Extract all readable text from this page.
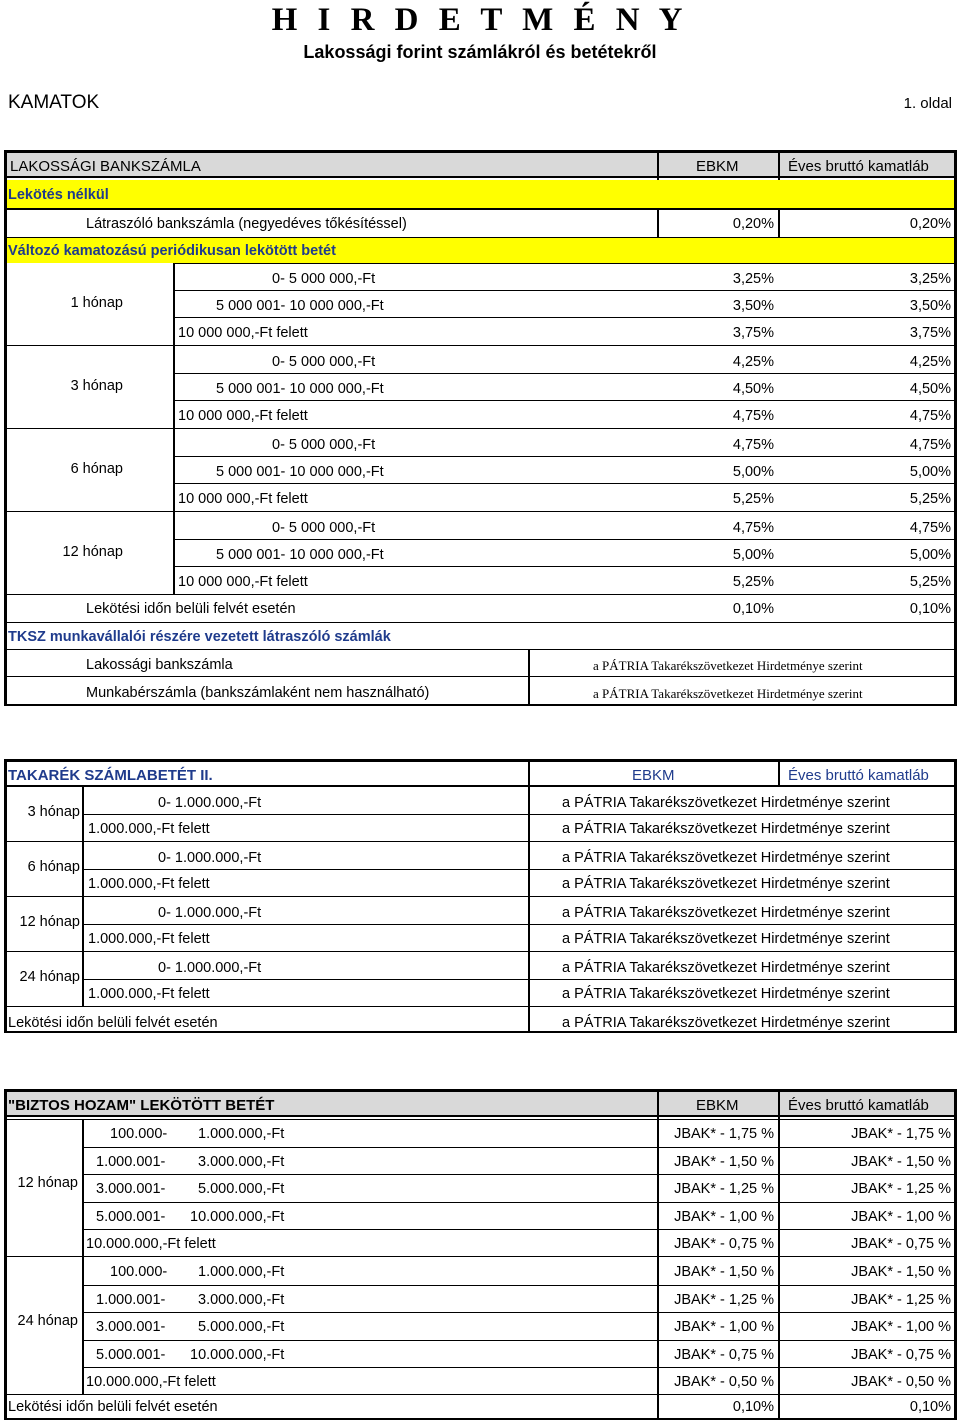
H I R D E T M É N Y
Lakossági forint számlákról és betétekről
KAMATOK	1. oldal
LAKOSSÁGI BANKSZÁMLA	EBKM	Éves bruttó kamatláb
Lekötés nélkül
Látraszóló bankszámla (negyedéves tőkésítéssel)	0,20%	0,20%
Változó kamatozású periódikusan lekötött betét
1 hónap
0- 5 000 000,-Ft	3,25%	3,25%
5 000 001- 10 000 000,-Ft	3,50%	3,50%
10 000 000,-Ft felett	3,75%	3,75%
3 hónap
0- 5 000 000,-Ft	4,25%	4,25%
5 000 001- 10 000 000,-Ft	4,50%	4,50%
10 000 000,-Ft felett	4,75%	4,75%
6 hónap
0- 5 000 000,-Ft	4,75%	4,75%
5 000 001- 10 000 000,-Ft	5,00%	5,00%
10 000 000,-Ft felett	5,25%	5,25%
12 hónap
0- 5 000 000,-Ft	4,75%	4,75%
5 000 001- 10 000 000,-Ft	5,00%	5,00%
10 000 000,-Ft felett	5,25%	5,25%
Lekötési időn belüli felvét esetén	0,10%	0,10%
TKSZ munkavállalói részére vezetett látraszóló számlák
Lakossági bankszámla	a PÁTRIA Takarékszövetkezet Hirdetménye szerint
Munkabérszámla (bankszámlaként nem használható)	a PÁTRIA Takarékszövetkezet Hirdetménye szerint
TAKARÉK SZÁMLABETÉT II.	EBKM	Éves bruttó kamatláb
3 hónap
0- 1.000.000,-Ft	a PÁTRIA Takarékszövetkezet Hirdetménye szerint
1.000.000,-Ft felett	a PÁTRIA Takarékszövetkezet Hirdetménye szerint
6 hónap
0- 1.000.000,-Ft	a PÁTRIA Takarékszövetkezet Hirdetménye szerint
1.000.000,-Ft felett	a PÁTRIA Takarékszövetkezet Hirdetménye szerint
12 hónap
0- 1.000.000,-Ft	a PÁTRIA Takarékszövetkezet Hirdetménye szerint
1.000.000,-Ft felett	a PÁTRIA Takarékszövetkezet Hirdetménye szerint
24 hónap
0- 1.000.000,-Ft	a PÁTRIA Takarékszövetkezet Hirdetménye szerint
1.000.000,-Ft felett	a PÁTRIA Takarékszövetkezet Hirdetménye szerint
Lekötési időn belüli felvét esetén	a PÁTRIA Takarékszövetkezet Hirdetménye szerint
"BIZTOS HOZAM" LEKÖTÖTT BETÉT	EBKM	Éves bruttó kamatláb
12 hónap
100.000- 1.000.000,-Ft	JBAK* - 1,75 %	JBAK* - 1,75 %
1.000.001- 3.000.000,-Ft	JBAK* - 1,50 %	JBAK* - 1,50 %
3.000.001- 5.000.000,-Ft	JBAK* - 1,25 %	JBAK* - 1,25 %
5.000.001- 10.000.000,-Ft	JBAK* - 1,00 %	JBAK* - 1,00 %
10.000.000,-Ft felett	JBAK* - 0,75 %	JBAK* - 0,75 %
24 hónap
100.000- 1.000.000,-Ft	JBAK* - 1,50 %	JBAK* - 1,50 %
1.000.001- 3.000.000,-Ft	JBAK* - 1,25 %	JBAK* - 1,25 %
3.000.001- 5.000.000,-Ft	JBAK* - 1,00 %	JBAK* - 1,00 %
5.000.001- 10.000.000,-Ft	JBAK* - 0,75 %	JBAK* - 0,75 %
10.000.000,-Ft felett	JBAK* - 0,50 %	JBAK* - 0,50 %
Lekötési időn belüli felvét esetén	0,10%	0,10%
